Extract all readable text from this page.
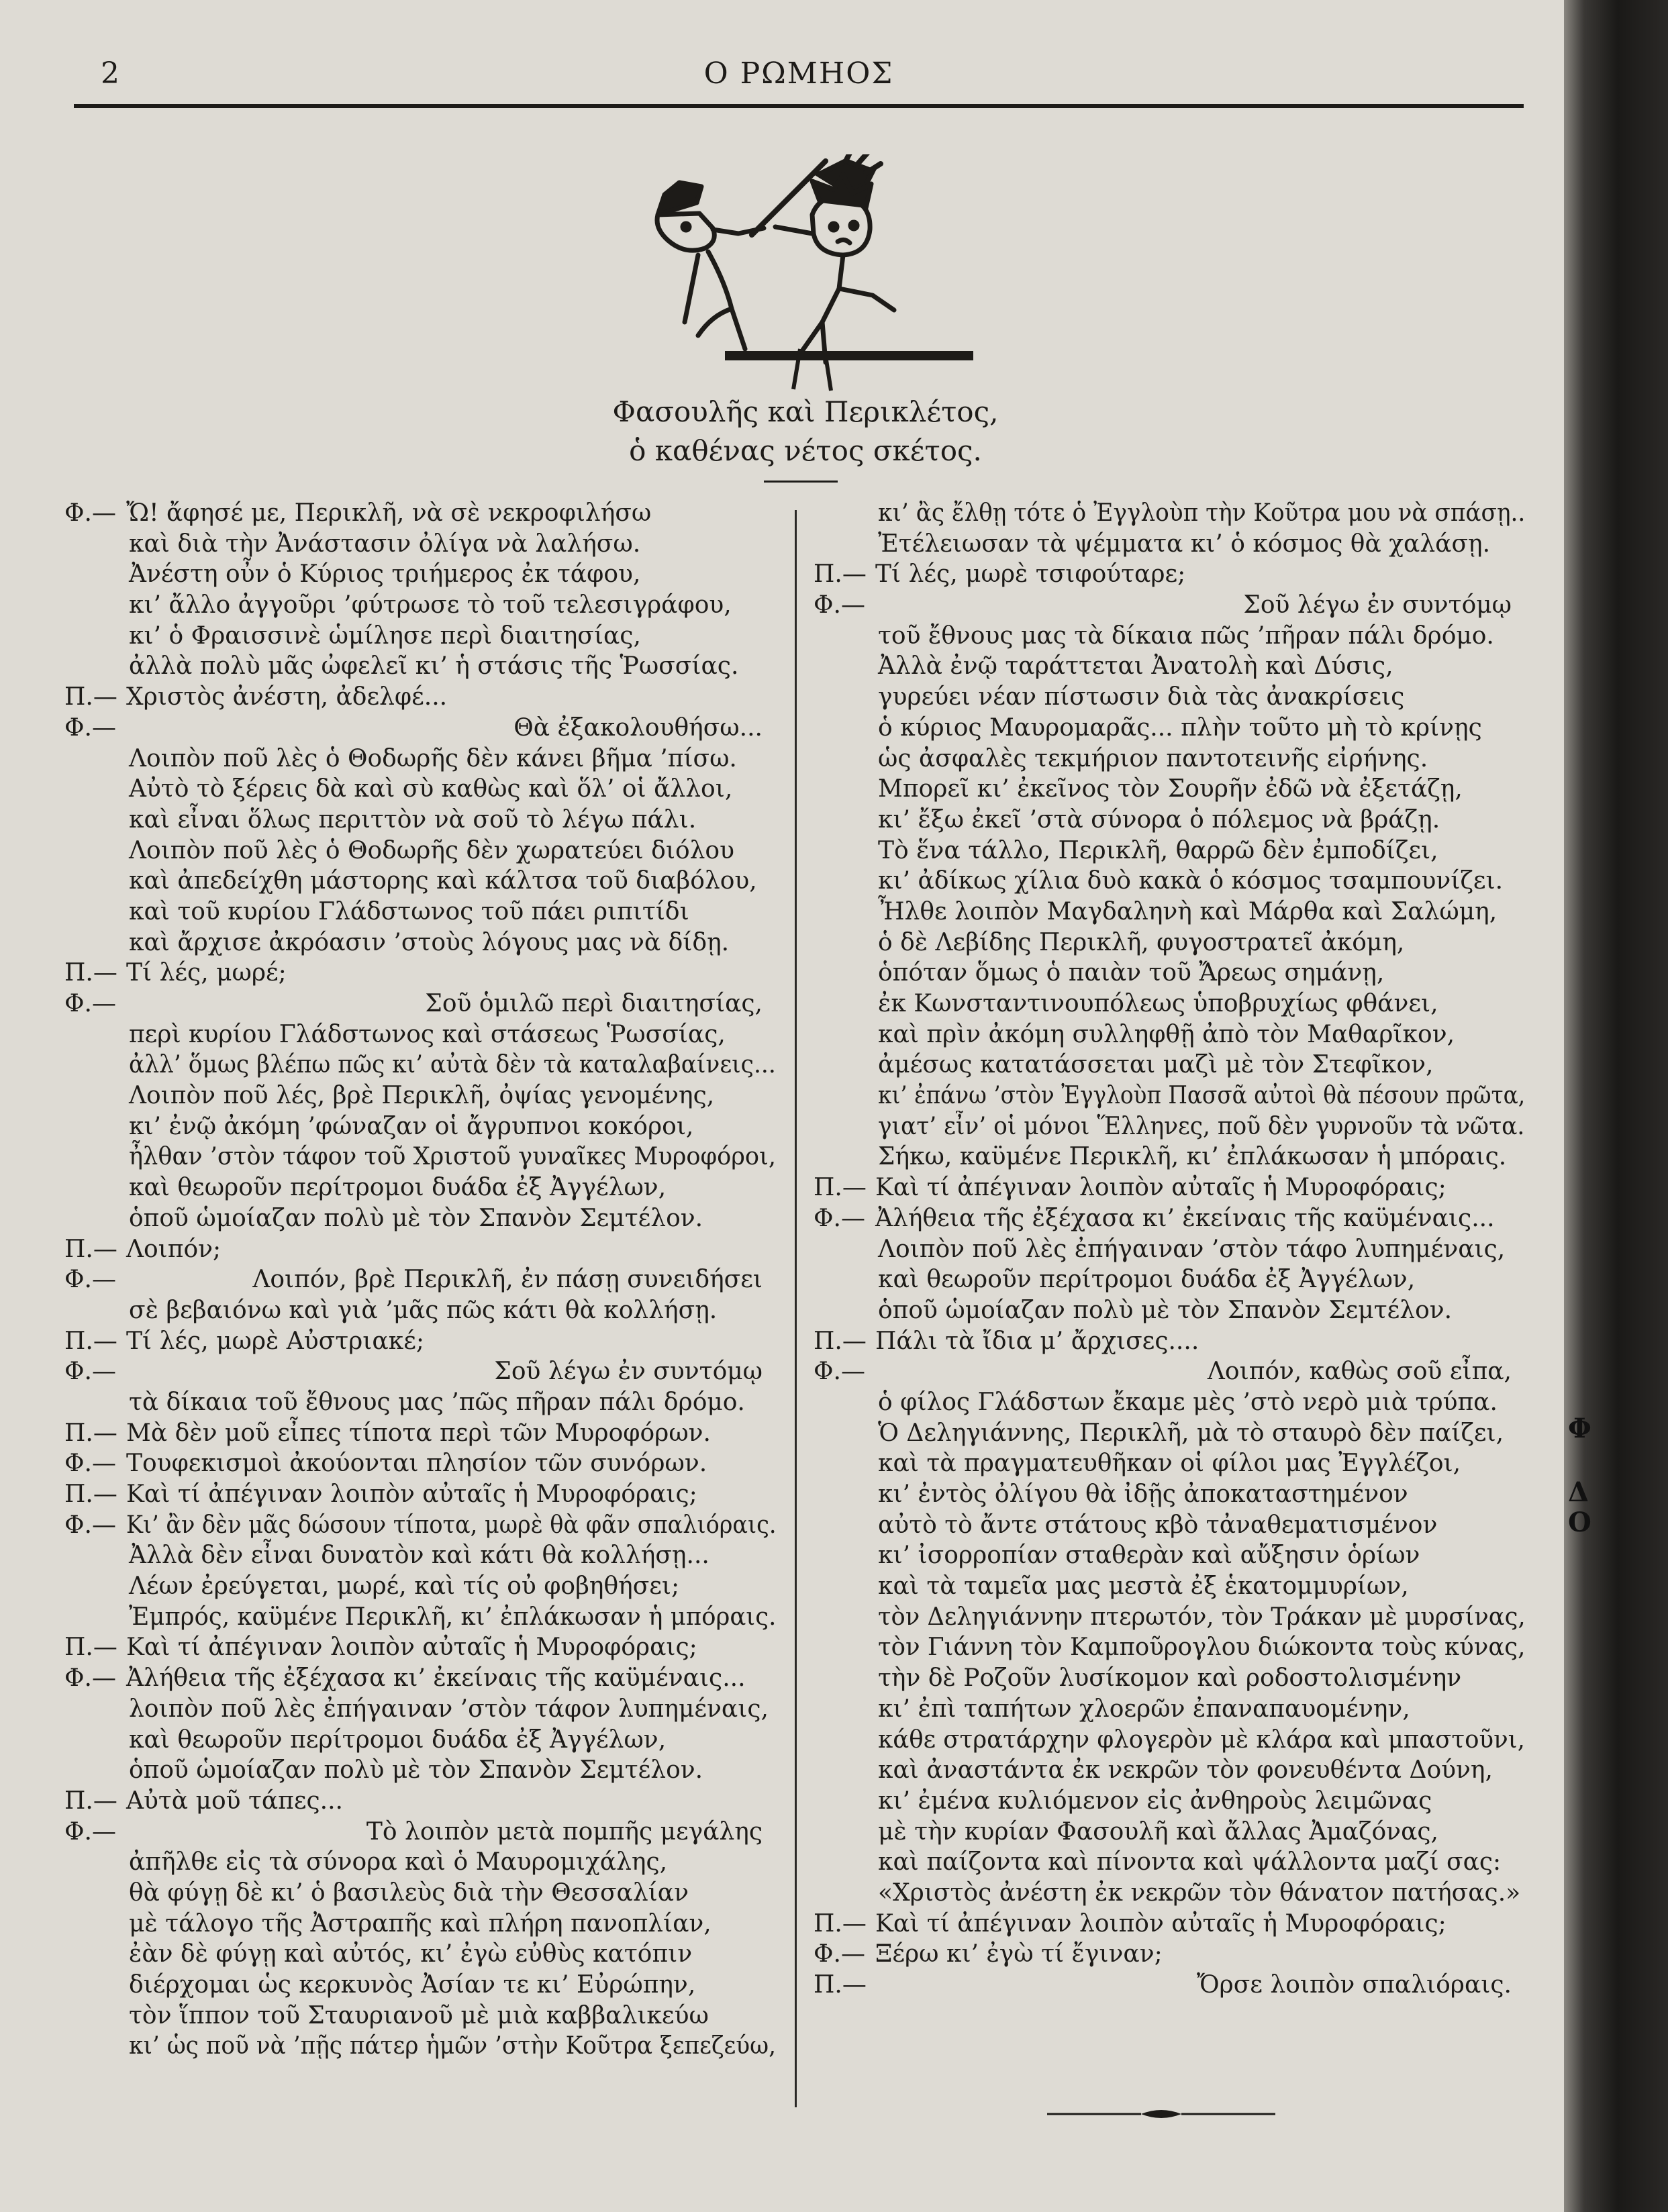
2	Ο ΡΩΜΗΟΣ
Φασουλῆς καὶ Περικλέτος,
ὁ καθένας νέτος σκέτος.
Φ.— Ὤ! ἄφησέ με, Περικλῆ, νὰ σὲ νεκροφιλήσω
καὶ διὰ τὴν Ἀνάστασιν ὀλίγα νὰ λαλήσω.
Ἀνέστη οὖν ὁ Κύριος τριήμερος ἐκ τάφου,
κι’ ἄλλο ἀγγοῦρι ’φύτρωσε τὸ τοῦ τελεσιγράφου,
κι’ ὁ Φραισσινὲ ὡμίλησε περὶ διαιτησίας,
ἀλλὰ πολὺ μᾶς ὠφελεῖ κι’ ἡ στάσις τῆς Ῥωσσίας.
Π.— Χριστὸς ἀνέστη, ἀδελφέ...
Φ.—	Θὰ ἐξακολουθήσω...
Λοιπὸν ποῦ λὲς ὁ Θοδωρῆς δὲν κάνει βῆμα ’πίσω.
Αὐτὸ τὸ ξέρεις δὰ καὶ σὺ καθὼς καὶ ὅλ’ οἱ ἄλλοι,
καὶ εἶναι ὅλως περιττὸν νὰ σοῦ τὸ λέγω πάλι.
Λοιπὸν ποῦ λὲς ὁ Θοδωρῆς δὲν χωρατεύει διόλου
καὶ ἀπεδείχθη μάστορης καὶ κάλτσα τοῦ διαβόλου,
καὶ τοῦ κυρίου Γλάδστωνος τοῦ πάει ριπιτίδι
καὶ ἄρχισε ἀκρόασιν ’στοὺς λόγους μας νὰ δίδῃ.
Π.— Τί λές, μωρέ;
Φ.—	Σοῦ ὁμιλῶ περὶ διαιτησίας,
περὶ κυρίου Γλάδστωνος καὶ στάσεως Ῥωσσίας,
ἀλλ’ ὅμως βλέπω πῶς κι’ αὐτὰ δὲν τὰ καταλαβαίνεις...
Λοιπὸν ποῦ λές, βρὲ Περικλῆ, ὀψίας γενομένης,
κι’ ἐνῷ ἀκόμη ’φώναζαν οἱ ἄγρυπνοι κοκόροι,
ἦλθαν ’στὸν τάφον τοῦ Χριστοῦ γυναῖκες Μυροφόροι,
καὶ θεωροῦν περίτρομοι δυάδα ἐξ Ἀγγέλων,
ὁποῦ ὡμοίαζαν πολὺ μὲ τὸν Σπανὸν Σεμτέλον.
Π.— Λοιπόν;
Φ.—	Λοιπόν, βρὲ Περικλῆ, ἐν πάσῃ συνειδήσει
σὲ βεβαιόνω καὶ γιὰ ’μᾶς πῶς κάτι θὰ κολλήσῃ.
Π.— Τί λές, μωρὲ Αὐστριακέ;
Φ.—	Σοῦ λέγω ἐν συντόμῳ
τὰ δίκαια τοῦ ἔθνους μας ’πῶς πῆραν πάλι δρόμο.
Π.— Μὰ δὲν μοῦ εἶπες τίποτα περὶ τῶν Μυροφόρων.
Φ.— Τουφεκισμοὶ ἀκούονται πλησίον τῶν συνόρων.
Π.— Καὶ τί ἀπέγιναν λοιπὸν αὐταῖς ἡ Μυροφόραις;
Φ.— Κι’ ἂν δὲν μᾶς δώσουν τίποτα, μωρὲ θὰ φᾶν σπαλιόραις.
Ἀλλὰ δὲν εἶναι δυνατὸν καὶ κάτι θὰ κολλήσῃ...
Λέων ἐρεύγεται, μωρέ, καὶ τίς οὐ φοβηθήσει;
Ἐμπρός, καϋμένε Περικλῆ, κι’ ἐπλάκωσαν ἡ μπόραις.
Π.— Καὶ τί ἀπέγιναν λοιπὸν αὐταῖς ἡ Μυροφόραις;
Φ.— Ἀλήθεια τῆς ἐξέχασα κι’ ἐκείναις τῆς καϋμέναις...
λοιπὸν ποῦ λὲς ἐπήγαιναν ’στὸν τάφον λυπημέναις,
καὶ θεωροῦν περίτρομοι δυάδα ἐξ Ἀγγέλων,
ὁποῦ ὡμοίαζαν πολὺ μὲ τὸν Σπανὸν Σεμτέλον.
Π.— Αὐτὰ μοῦ τάπες...
Φ.—	Τὸ λοιπὸν μετὰ πομπῆς μεγάλης
ἀπῆλθε εἰς τὰ σύνορα καὶ ὁ Μαυρομιχάλης,
θὰ φύγῃ δὲ κι’ ὁ βασιλεὺς διὰ τὴν Θεσσαλίαν
μὲ τάλογο τῆς Ἀστραπῆς καὶ πλήρη πανοπλίαν,
ἐὰν δὲ φύγῃ καὶ αὐτός, κι’ ἐγὼ εὐθὺς κατόπιν
διέρχομαι ὡς κερκυνὸς Ἀσίαν τε κι’ Εὐρώπην,
τὸν ἵππον τοῦ Σταυριανοῦ μὲ μιὰ καββαλικεύω
κι’ ὡς ποῦ νὰ ’πῇς πάτερ ἡμῶν ’στὴν Κοῦτρα ξεπεζεύω,
κι’ ἂς ἔλθῃ τότε ὁ Ἐγγλοὺπ τὴν Κοῦτρα μου νὰ σπάσῃ..
Ἐτέλειωσαν τὰ ψέμματα κι’ ὁ κόσμος θὰ χαλάσῃ.
Π.— Τί λές, μωρὲ τσιφούταρε;
Φ.—	Σοῦ λέγω ἐν συντόμῳ
τοῦ ἔθνους μας τὰ δίκαια πῶς ’πῆραν πάλι δρόμο.
Ἀλλὰ ἐνῷ ταράττεται Ἀνατολὴ καὶ Δύσις,
γυρεύει νέαν πίστωσιν διὰ τὰς ἀνακρίσεις
ὁ κύριος Μαυρομαρᾶς... πλὴν τοῦτο μὴ τὸ κρίνῃς
ὡς ἀσφαλὲς τεκμήριον παντοτεινῆς εἰρήνης.
Μπορεῖ κι’ ἐκεῖνος τὸν Σουρῆν ἐδῶ νὰ ἐξετάζῃ,
κι’ ἔξω ἐκεῖ ’στὰ σύνορα ὁ πόλεμος νὰ βράζῃ.
Τὸ ἕνα τάλλο, Περικλῆ, θαρρῶ δὲν ἐμποδίζει,
κι’ ἀδίκως χίλια δυὸ κακὰ ὁ κόσμος τσαμπουνίζει.
Ἦλθε λοιπὸν Μαγδαληνὴ καὶ Μάρθα καὶ Σαλώμη,
ὁ δὲ Λεβίδης Περικλῆ, φυγοστρατεῖ ἀκόμη,
ὁπόταν ὅμως ὁ παιὰν τοῦ Ἄρεως σημάνῃ,
ἐκ Κωνσταντινουπόλεως ὑποβρυχίως φθάνει,
καὶ πρὶν ἀκόμη συλληφθῇ ἀπὸ τὸν Μαθαρῖκον,
ἀμέσως κατατάσσεται μαζὶ μὲ τὸν Στεφῖκον,
κι’ ἐπάνω ’στὸν Ἐγγλοὺπ Πασσᾶ αὐτοὶ θὰ πέσουν πρῶτα,
γιατ’ εἶν’ οἱ μόνοι Ἕλληνες, ποῦ δὲν γυρνοῦν τὰ νῶτα.
Σήκω, καϋμένε Περικλῆ, κι’ ἐπλάκωσαν ἡ μπόραις.
Π.— Καὶ τί ἀπέγιναν λοιπὸν αὐταῖς ἡ Μυροφόραις;
Φ.— Ἀλήθεια τῆς ἐξέχασα κι’ ἐκείναις τῆς καϋμέναις...
Λοιπὸν ποῦ λὲς ἐπήγαιναν ’στὸν τάφο λυπημέναις,
καὶ θεωροῦν περίτρομοι δυάδα ἐξ Ἀγγέλων,
ὁποῦ ὡμοίαζαν πολὺ μὲ τὸν Σπανὸν Σεμτέλον.
Π.— Πάλι τὰ ἴδια μ’ ἄρχισες....
Φ.—	Λοιπόν, καθὼς σοῦ εἶπα,
ὁ φίλος Γλάδστων ἔκαμε μὲς ’στὸ νερὸ μιὰ τρύπα.
Ὁ Δεληγιάννης, Περικλῆ, μὰ τὸ σταυρὸ δὲν παίζει,
καὶ τὰ πραγματευθῆκαν οἱ φίλοι μας Ἐγγλέζοι,
κι’ ἐντὸς ὀλίγου θὰ ἰδῇς ἀποκαταστημένον
αὐτὸ τὸ ἄντε στάτους κβὸ τἀναθεματισμένον
κι’ ἰσορροπίαν σταθερὰν καὶ αὔξησιν ὁρίων
καὶ τὰ ταμεῖα μας μεστὰ ἐξ ἑκατομμυρίων,
τὸν Δεληγιάννην πτερωτόν, τὸν Τράκαν μὲ μυρσίνας,
τὸν Γιάννη τὸν Καμποῦρογλου διώκοντα τοὺς κύνας,
τὴν δὲ Ροζοῦν λυσίκομον καὶ ροδοστολισμένην
κι’ ἐπὶ ταπήτων χλοερῶν ἐπαναπαυομένην,
κάθε στρατάρχην φλογερὸν μὲ κλάρα καὶ μπαστοῦνι,
καὶ ἀναστάντα ἐκ νεκρῶν τὸν φονευθέντα Δούνη,
κι’ ἐμένα κυλιόμενον εἰς ἀνθηροὺς λειμῶνας
μὲ τὴν κυρίαν Φασουλῆ καὶ ἄλλας Ἀμαζόνας,
καὶ παίζοντα καὶ πίνοντα καὶ ψάλλοντα μαζί σας:
«Χριστὸς ἀνέστη ἐκ νεκρῶν τὸν θάνατον πατήσας.»
Π.— Καὶ τί ἀπέγιναν λοιπὸν αὐταῖς ἡ Μυροφόραις;
Φ.— Ξέρω κι’ ἐγὼ τί ἔγιναν;
Π.—	Ὄρσε λοιπὸν σπαλιόραις.
Φ
Δ
Ο
